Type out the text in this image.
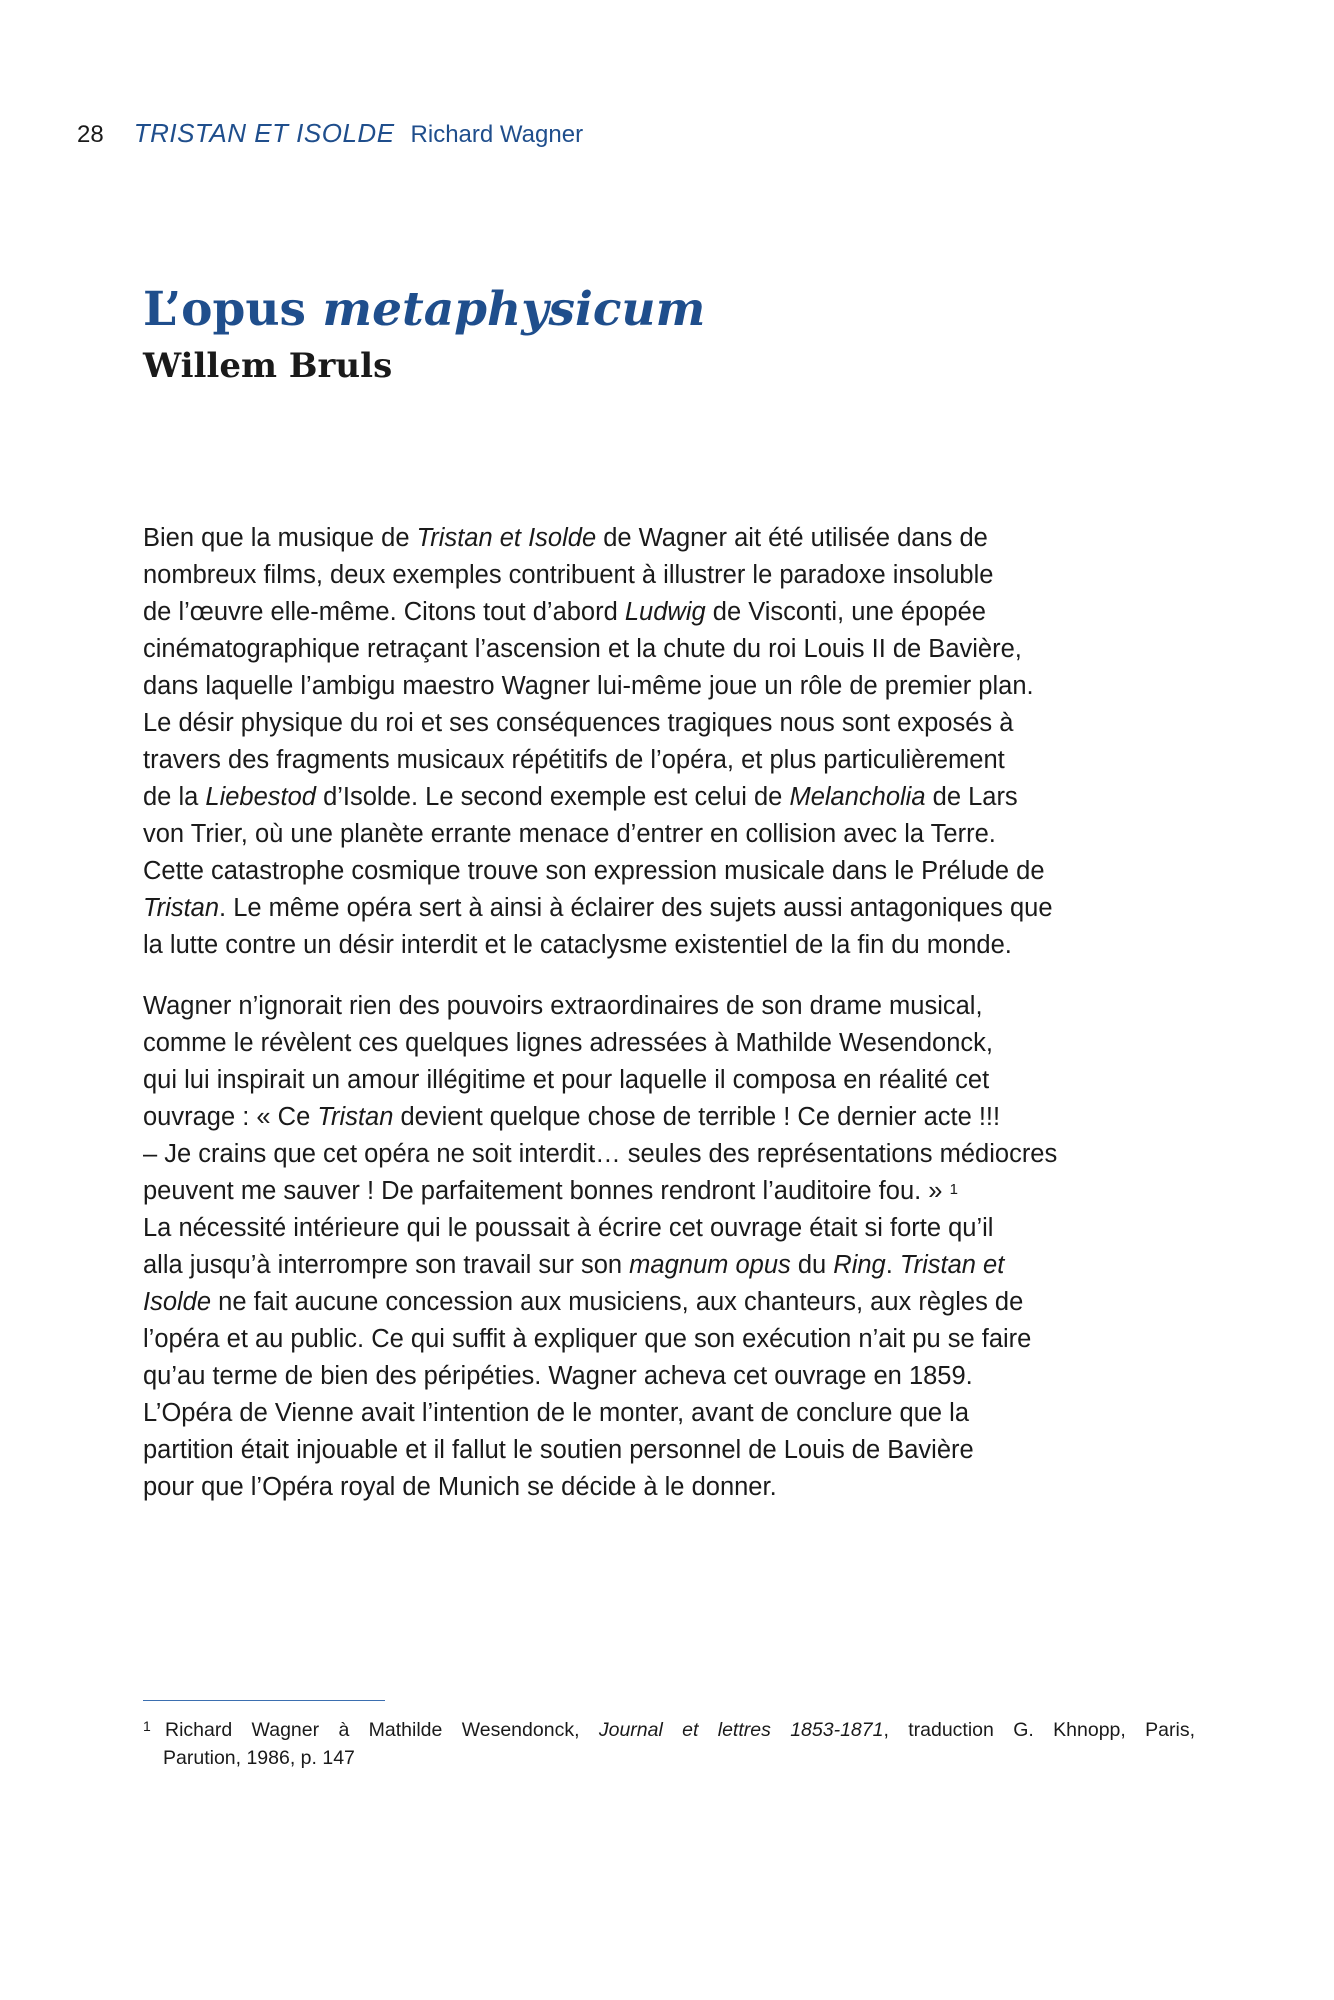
28 TRISTAN ET ISOLDE Richard Wagner
L’opus metaphysicum
Willem Bruls
Bien que la musique de Tristan et Isolde de Wagner ait été utilisée dans de
nombreux films, deux exemples contribuent à illustrer le paradoxe insoluble
de l’œuvre elle-même. Citons tout d’abord Ludwig de Visconti, une épopée
cinématographique retraçant l’ascension et la chute du roi Louis II de Bavière,
dans laquelle l’ambigu maestro Wagner lui-même joue un rôle de premier plan.
Le désir physique du roi et ses conséquences tragiques nous sont exposés à
travers des fragments musicaux répétitifs de l’opéra, et plus particulièrement
de la Liebestod d’Isolde. Le second exemple est celui de Melancholia de Lars
von Trier, où une planète errante menace d’entrer en collision avec la Terre.
Cette catastrophe cosmique trouve son expression musicale dans le Prélude de
Tristan. Le même opéra sert à ainsi à éclairer des sujets aussi antagoniques que
la lutte contre un désir interdit et le cataclysme existentiel de la fin du monde.
Wagner n’ignorait rien des pouvoirs extraordinaires de son drame musical,
comme le révèlent ces quelques lignes adressées à Mathilde Wesendonck,
qui lui inspirait un amour illégitime et pour laquelle il composa en réalité cet
ouvrage : « Ce Tristan devient quelque chose de terrible ! Ce dernier acte !!!
– Je crains que cet opéra ne soit interdit… seules des représentations médiocres
peuvent me sauver ! De parfaitement bonnes rendront l’auditoire fou. » $^1$
La nécessité intérieure qui le poussait à écrire cet ouvrage était si forte qu’il
alla jusqu’à interrompre son travail sur son magnum opus du Ring. Tristan et
Isolde ne fait aucune concession aux musiciens, aux chanteurs, aux règles de
l’opéra et au public. Ce qui suffit à expliquer que son exécution n’ait pu se faire
qu’au terme de bien des péripéties. Wagner acheva cet ouvrage en 1859.
L’Opéra de Vienne avait l’intention de le monter, avant de conclure que la
partition était injouable et il fallut le soutien personnel de Louis de Bavière
pour que l’Opéra royal de Munich se décide à le donner.
1 Richard Wagner à Mathilde Wesendonck, Journal et lettres 1853-1871, traduction G. Khnopp, Paris,
Parution, 1986, p. 147
